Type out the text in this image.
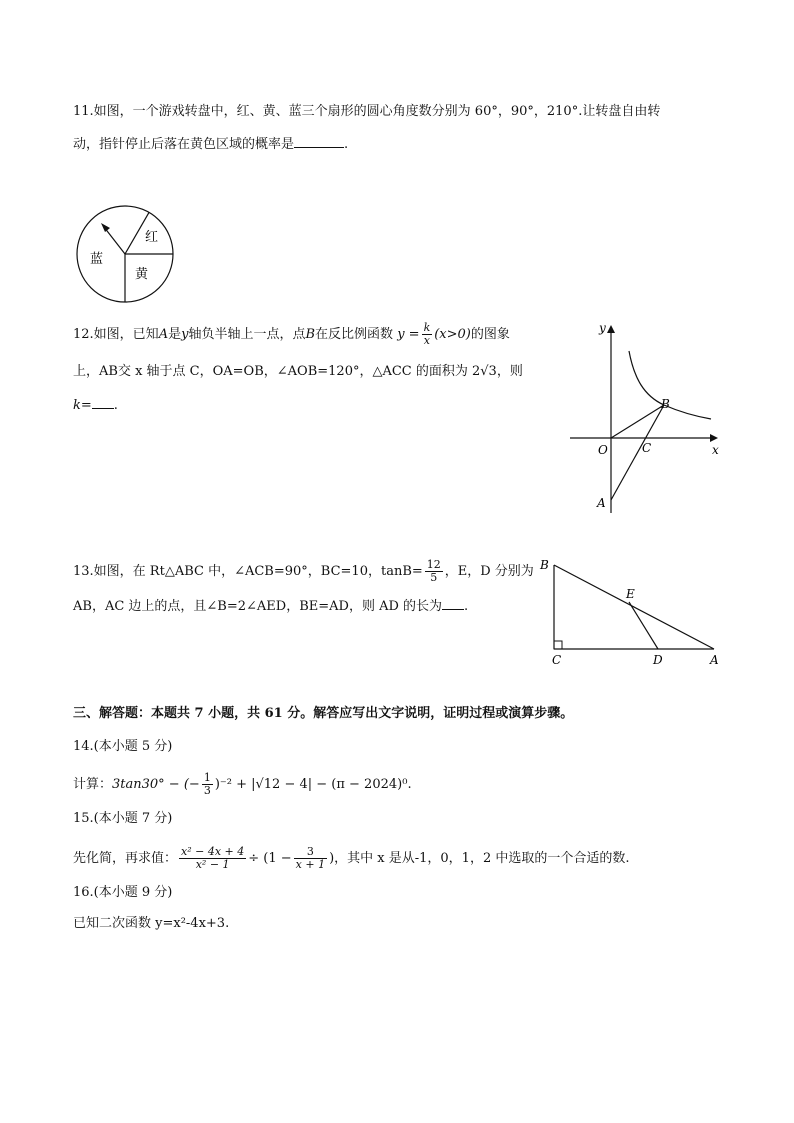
11.如图，一个游戏转盘中，红、黄、蓝三个扇形的圆心角度数分别为 60°，90°，210°.让转盘自由转
动，指针停止后落在黄色区域的概率是	.
红
黄
蓝
12.如图，已知A是y轴负半轴上一点，点B在反比例函数 $y = \frac{k}{x} (x>0)$的图象
上，AB交 x 轴于点 C，OA=OB，∠AOB=120°，△ACC 的面积为 2√3，则
k= .
y
x
O	C
B
A
13.如图，在 Rt△ABC 中，∠ACB=90°，BC=10，$\tan B= \frac{12}{5}$ ，E，D 分别为
AB，AC 边上的点，且∠B=2∠AED，BE=AD，则 AD 的长为 .
B
E
C	D	A
三、解答题：本题共 7 小题，共 61 分。解答应写出文字说明，证明过程或演算步骤。
14.(本小题 5 分)
计算：3tan30° − (− $\frac{1}{3} )^{-2} + |√12 - 4| - (\pi - 2024)^0$.
15.(本小题 7 分)
先化简，再求值： $\frac{\text{x² − 4x + 4}}{\text{x² − 1}} \div (1 - \frac{3}{x + 1}$ )，其中 x 是从-1，0，1，2 中选取的一个合适的数.
16.(本小题 9 分)
已知二次函数 y=x²-4x+3.
